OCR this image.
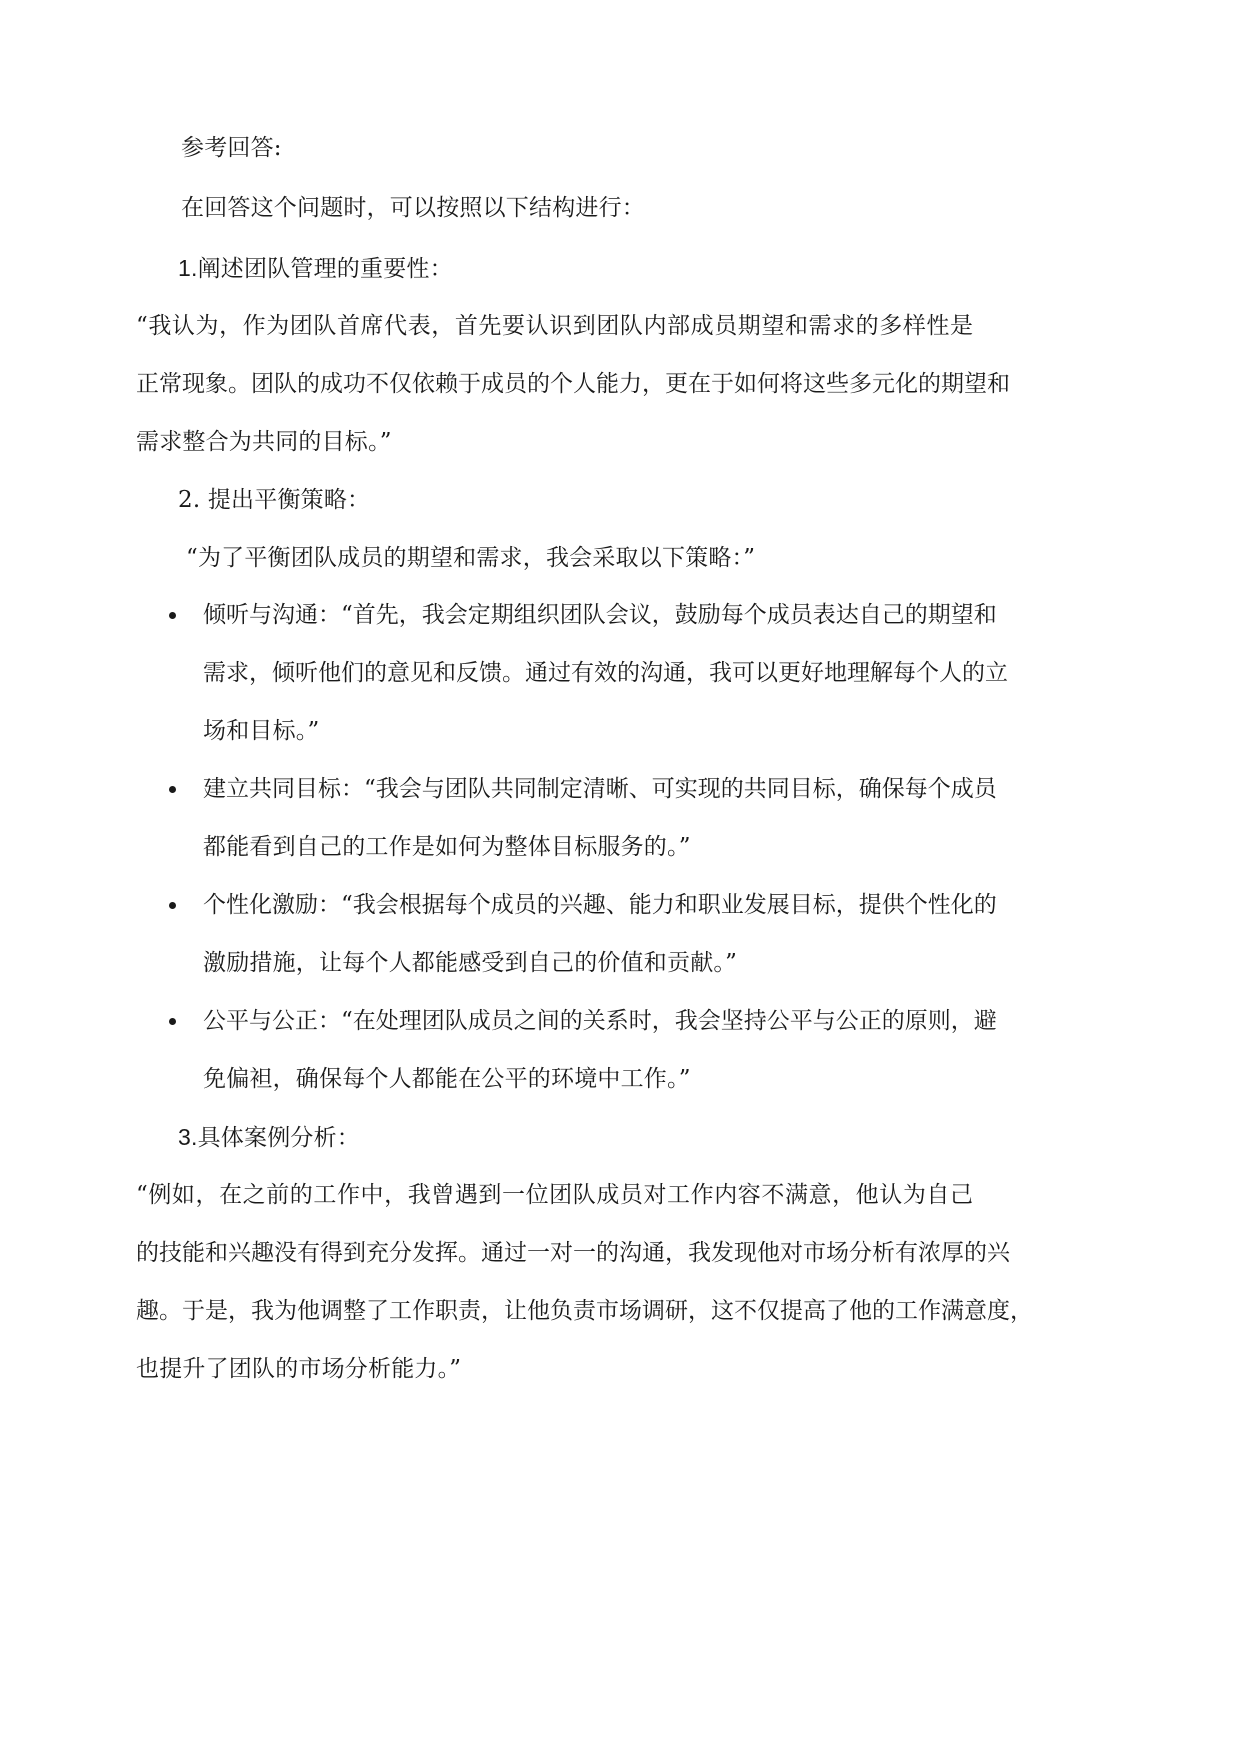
参考回答:
在回答这个问题时，可以按照以下结构进行：
1.阐述团队管理的重要性：
“我认为，作为团队首席代表，首先要认识到团队内部成员期望和需求的多样性是
正常现象。团队的成功不仅依赖于成员的个人能力，更在于如何将这些多元化的期望和
需求整合为共同的目标。”
2. 提出平衡策略：
“为了平衡团队成员的期望和需求，我会采取以下策略：”
倾听与沟通：“首先，我会定期组织团队会议，鼓励每个成员表达自己的期望和
需求，倾听他们的意见和反馈。通过有效的沟通，我可以更好地理解每个人的立
场和目标。”
建立共同目标：“我会与团队共同制定清晰、可实现的共同目标，确保每个成员
都能看到自己的工作是如何为整体目标服务的。”
个性化激励：“我会根据每个成员的兴趣、能力和职业发展目标，提供个性化的
激励措施，让每个人都能感受到自己的价值和贡献。”
公平与公正：“在处理团队成员之间的关系时，我会坚持公平与公正的原则，避
免偏袒，确保每个人都能在公平的环境中工作。”
3.具体案例分析：
“例如，在之前的工作中，我曾遇到一位团队成员对工作内容不满意，他认为自己
的技能和兴趣没有得到充分发挥。通过一对一的沟通，我发现他对市场分析有浓厚的兴
趣。于是，我为他调整了工作职责，让他负责市场调研，这不仅提高了他的工作满意度，
也提升了团队的市场分析能力。”
